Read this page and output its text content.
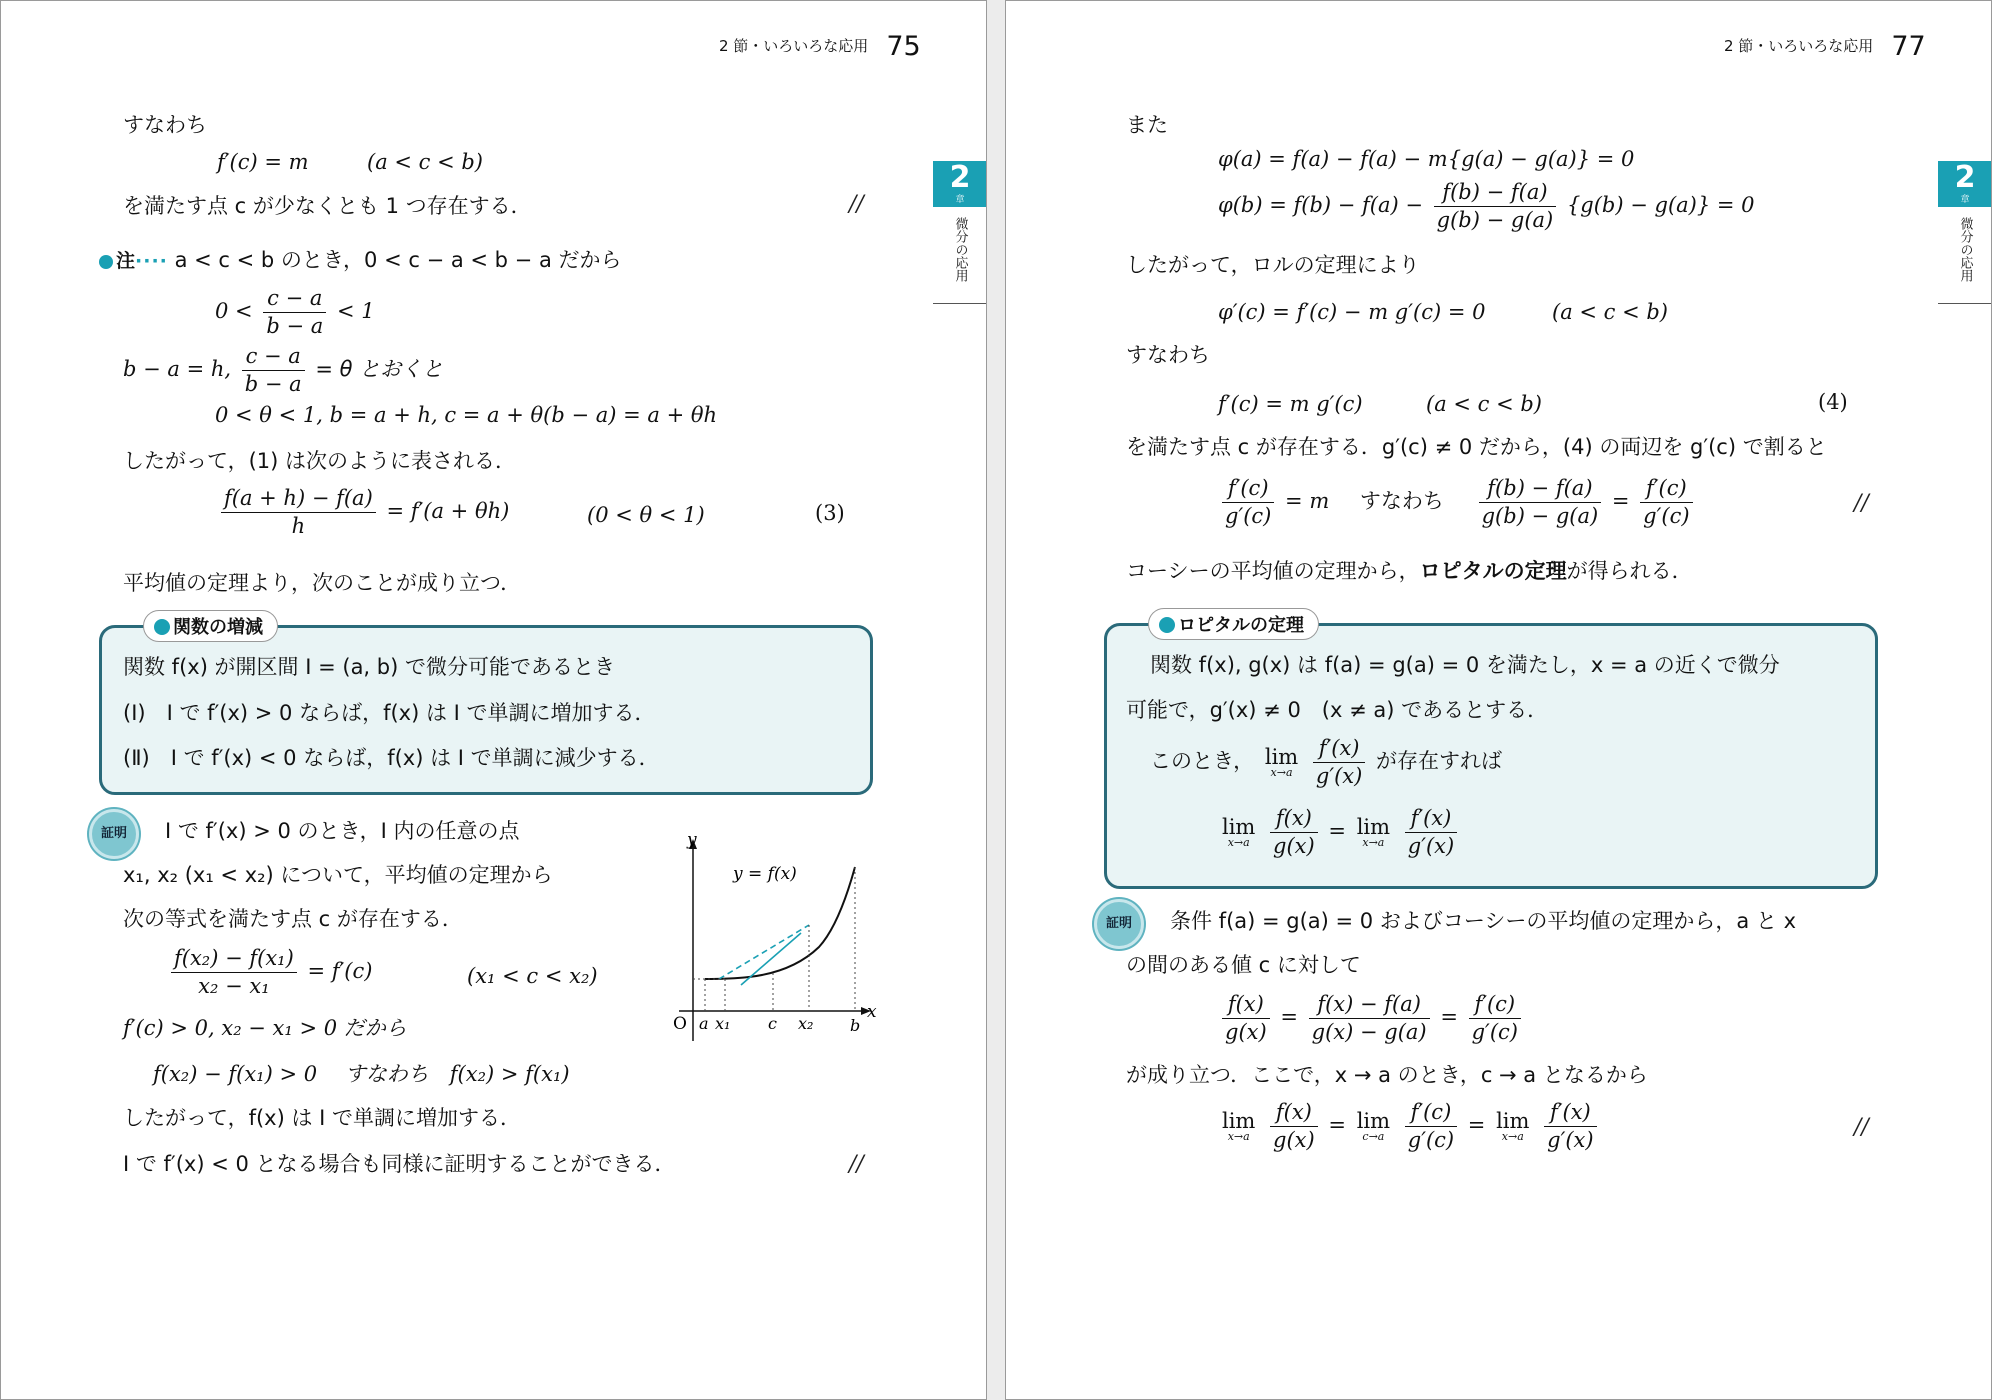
2 節・いろいろな応用 75
2
章
微分の応用
すなわち
f′(c) = m	(a < c < b)
を満たす点 c が少なくとも 1 つ存在する．	//
注···· a < c < b のとき，0 < c − a < b − a だから
$0 < \frac{c - a}{b - a} < 1$
b − a = h, $\frac{c - a}{b - a} = \theta$ とおくと
0 < θ < 1, b = a + h, c = a + θ(b − a) = a + θh
したがって，(1) は次のように表される．
$\frac{f(a + h) - f(a)}{h} = f'(a + \theta h)$	(0 < θ < 1)	(3)
平均値の定理より，次のことが成り立つ．
関数の増減
関数 f(x) が開区間 I = (a, b) で微分可能であるとき
(Ⅰ)　I で f′(x) > 0 ならば，f(x) は I で単調に増加する．
(Ⅱ)　I で f′(x) < 0 ならば，f(x) は I で単調に減少する．
証明	I で f′(x) > 0 のとき，I 内の任意の点
x₁, x₂ (x₁ < x₂) について，平均値の定理から
次の等式を満たす点 c が存在する．
$\frac{\text{f(x₂) − f(x₁)}}{\text{x₂ − x₁}} = f'(c)$	(x₁ < c < x₂)
f′(c) > 0, x₂ − x₁ > 0 だから
f(x₂) − f(x₁) > 0　 すなわち　f(x₂) > f(x₁)
したがって，f(x) は I で単調に増加する．
I で f′(x) < 0 となる場合も同様に証明することができる．	//
y
x
O
y = f(x)
a x₁ c x₂ b
2 節・いろいろな応用 77
2
章
微分の応用
また
φ(a) = f(a) − f(a) − m{g(a) − g(a)} = 0
$\varphi(b) = f(b) - f(a) - \frac{f(b) - f(a)}{g(b) - g(a)} \{g(b) - g(a)\} = 0$
したがって，ロルの定理により
φ′(c) = f′(c) − m g′(c) = 0	(a < c < b)
すなわち
f′(c) = m g′(c)	(a < c < b)	(4)
を満たす点 c が存在する．g′(c) ≠ 0 だから，(4) の両辺を g′(c) で割ると
$\frac{f'(c)}{g'(c)} = m$ すなわち $\frac{f(b) - f(a)}{g(b) - g(a)} = \frac{f'(c)}{g'(c)}$	//
コーシーの平均値の定理から，ロピタルの定理が得られる．
ロピタルの定理
関数 f(x), g(x) は f(a) = g(a) = 0 を満たし，x = a の近くで微分
可能で，g′(x) ≠ 0　(x ≠ a) であるとする．
このとき， lim
x→a
$\frac{f'(x)}{g'(x)}$ が存在すれば
lim
x→a
$\frac{f(x)}{g(x)} = \lim$
x→a
$\frac{f'(x)}{g'(x)}$
証明	条件 f(a) = g(a) = 0 およびコーシーの平均値の定理から，a と x
の間のある値 c に対して
$\frac{f(x)}{g(x)} = \frac{f(x) - f(a)}{g(x) - g(a)} = \frac{f'(c)}{g'(c)}$
が成り立つ．ここで，x → a のとき，c → a となるから
lim
x→a
$\frac{f(x)}{g(x)} = \lim$
c→a
$\frac{f'(c)}{g'(c)} = \lim$
x→a
$\frac{f'(x)}{g'(x)}$	//
